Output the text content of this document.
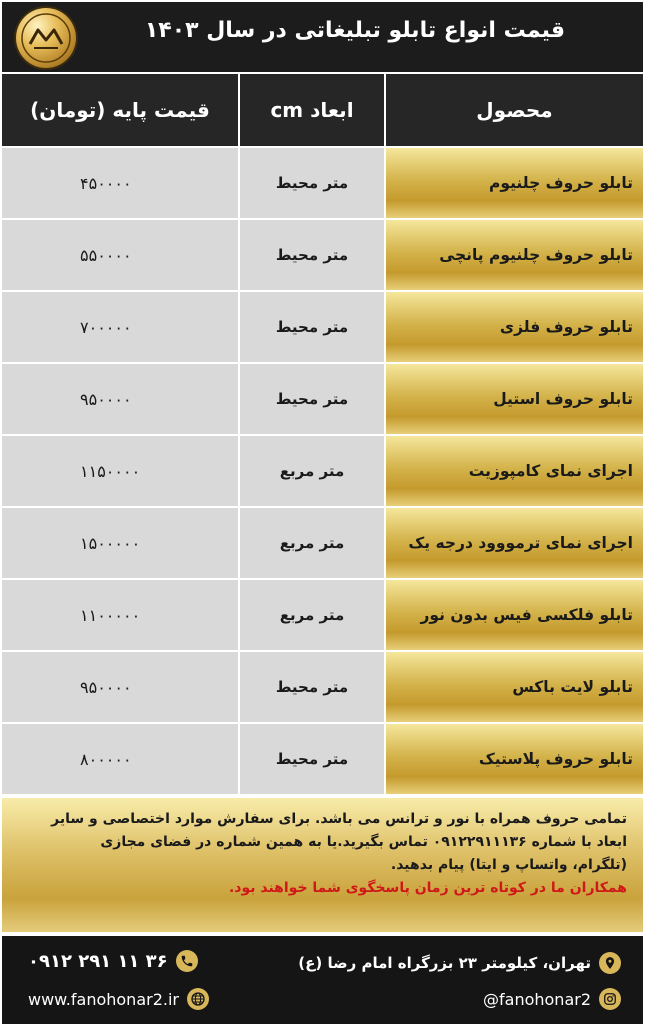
قیمت انواع تابلو تبلیغاتی در سال ۱۴۰۳
محصول
ابعاد cm
قیمت پایه (تومان)
تابلو حروف چلنیوم
متر محیط
۴۵۰۰۰۰
تابلو حروف چلنیوم پانچی
متر محیط
۵۵۰۰۰۰
تابلو حروف فلزی
متر محیط
۷۰۰۰۰۰
تابلو حروف استیل
متر محیط
۹۵۰۰۰۰
اجرای نمای کامپوزیت
متر مربع
۱۱۵۰۰۰۰
اجرای نمای ترمووود درجه یک
متر مربع
۱۵۰۰۰۰۰
تابلو فلکسی فیس بدون نور
متر مربع
۱۱۰۰۰۰۰
تابلو لایت باکس
متر محیط
۹۵۰۰۰۰
تابلو حروف پلاستیک
متر محیط
۸۰۰۰۰۰

تمامی حروف همراه با نور و ترانس می باشد. برای سفارش موارد اختصاصی و سایر

ابعاد با شماره ۰۹۱۲۲۹۱۱۱۳۶ تماس بگیرید.یا به همین شماره در فضای مجازی

(تلگرام، واتساپ و ایتا) پیام بدهید.

همکاران ما در کوتاه ترین زمان پاسخگوی شما خواهند بود.

۰۹۱۲ ۲۹۱ ۱۱ ۳۶	تهران، کیلومتر ۲۳ بزرگراه امام رضا (ع)
www.fanohonar2.ir	@fanohonar2
